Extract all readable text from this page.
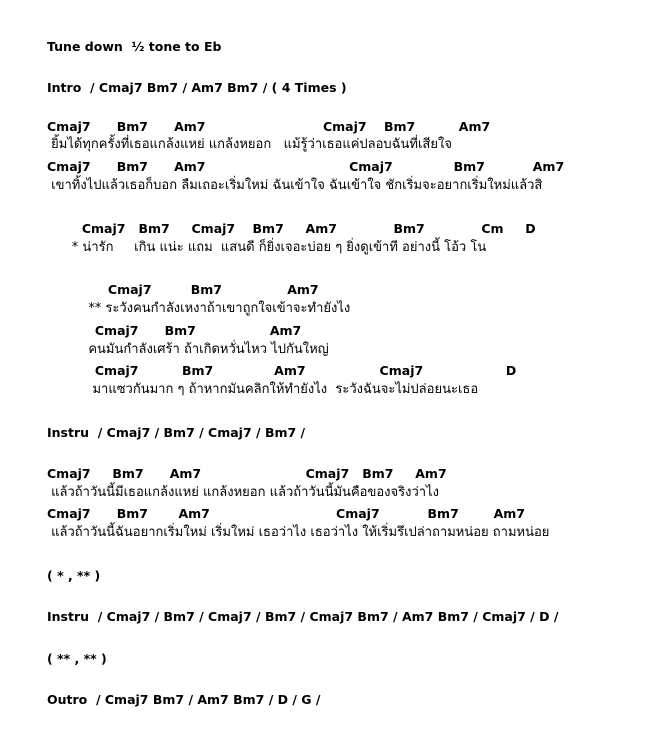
Tune down  ½ tone to Eb
Intro  / Cmaj7 Bm7 / Am7 Bm7 / ( 4 Times )
Cmaj7      Bm7      Am7                           Cmaj7    Bm7          Am7
ยิ้มได้ทุกครั้งที่เธอแกล้งแหย่ แกล้งหยอก   แม้รู้ว่าเธอแค่ปลอบฉันที่เสียใจ
Cmaj7      Bm7      Am7                                 Cmaj7              Bm7           Am7
เขาทิ้งไปแล้วเธอก็บอก ลืมเถอะเริ่มใหม่ ฉันเข้าใจ ฉันเข้าใจ ชักเริ่มจะอยากเริ่มใหม่แล้วสิ
Cmaj7   Bm7     Cmaj7    Bm7     Am7             Bm7             Cm     D
* น่ารัก     เกิน แน่ะ แถม  แสนดี ก็ยิ่งเจอะบ่อย ๆ ยิ่งดูเข้าที อย่างนี้ โอ้ว โน
Cmaj7         Bm7               Am7
** ระวังคนกำลังเหงาถ้าเขาถูกใจเข้าจะทำยังไง
Cmaj7      Bm7                 Am7
คนมันกำลังเศร้า ถ้าเกิดหวั่นไหว ไปกันใหญ่
Cmaj7          Bm7              Am7                 Cmaj7                   D
มาแซวกันมาก ๆ ถ้าหากมันคลิกให้ทำยังไง  ระวังฉันจะไม่ปล่อยนะเธอ
Instru  / Cmaj7 / Bm7 / Cmaj7 / Bm7 /
Cmaj7     Bm7      Am7                        Cmaj7   Bm7     Am7
แล้วถ้าวันนี้มีเธอแกล้งแหย่ แกล้งหยอก แล้วถ้าวันนี้มันคือของจริงว่าไง
Cmaj7      Bm7       Am7                             Cmaj7           Bm7        Am7
แล้วถ้าวันนี้ฉันอยากเริ่มใหม่ เริ่มใหม่ เธอว่าไง เธอว่าไง ให้เริ่มรึเปล่าถามหน่อย ถามหน่อย
( * , ** )
Instru  / Cmaj7 / Bm7 / Cmaj7 / Bm7 / Cmaj7 Bm7 / Am7 Bm7 / Cmaj7 / D /
( ** , ** )
Outro  / Cmaj7 Bm7 / Am7 Bm7 / D / G /
